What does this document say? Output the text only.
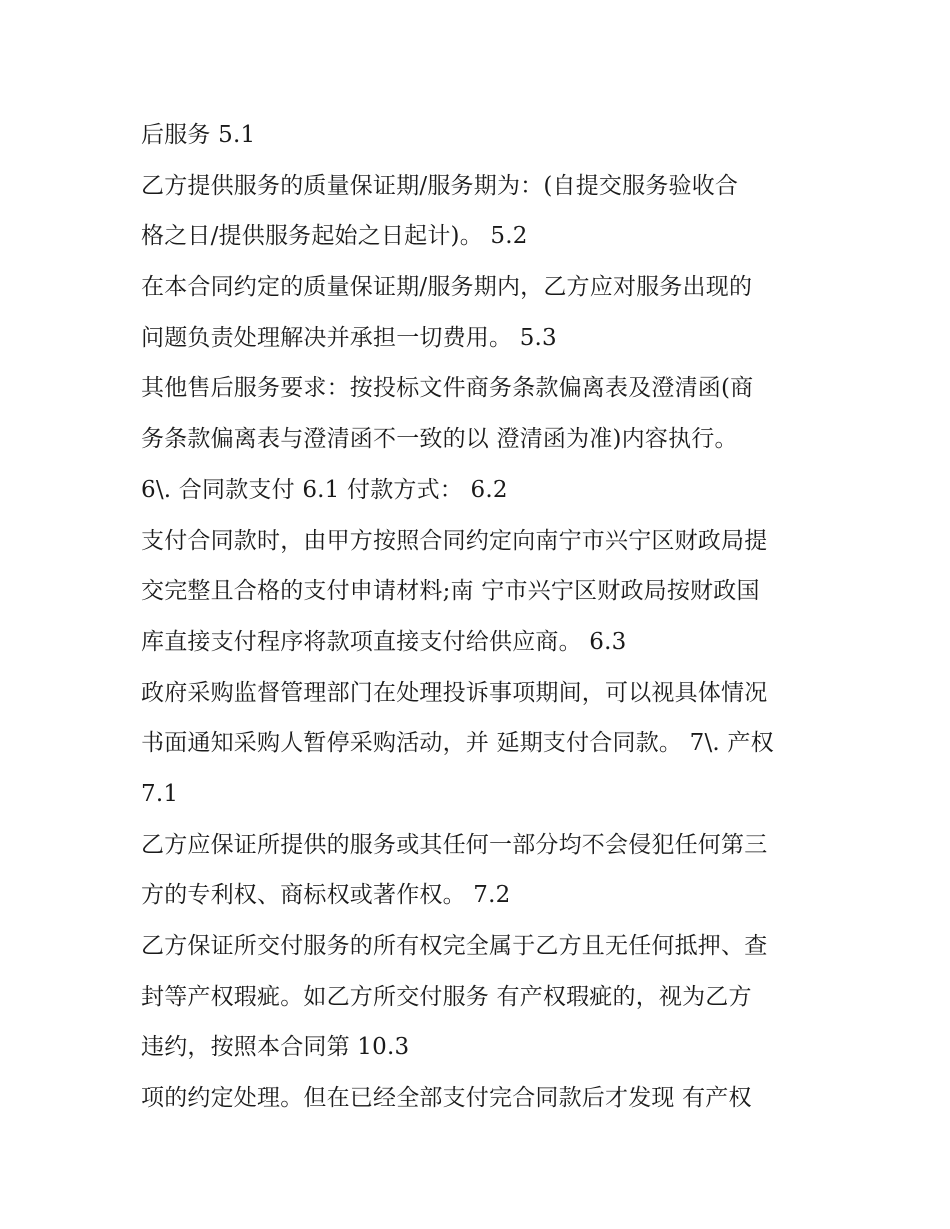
后服务 5.1
乙方提供服务的质量保证期/服务期为：(自提交服务验收合
格之日/提供服务起始之日起计)。 5.2
在本合同约定的质量保证期/服务期内，乙方应对服务出现的
问题负责处理解决并承担一切费用。 5.3
其他售后服务要求：按投标文件商务条款偏离表及澄清函(商
务条款偏离表与澄清函不一致的以 澄清函为准)内容执行。
6\. 合同款支付 6.1 付款方式： 6.2
支付合同款时，由甲方按照合同约定向南宁市兴宁区财政局提
交完整且合格的支付申请材料;南 宁市兴宁区财政局按财政国
库直接支付程序将款项直接支付给供应商。 6.3
政府采购监督管理部门在处理投诉事项期间，可以视具体情况
书面通知采购人暂停采购活动，并 延期支付合同款。 7\. 产权
7.1
乙方应保证所提供的服务或其任何一部分均不会侵犯任何第三
方的专利权、商标权或著作权。 7.2
乙方保证所交付服务的所有权完全属于乙方且无任何抵押、查
封等产权瑕疵。如乙方所交付服务 有产权瑕疵的，视为乙方
违约，按照本合同第 10.3
项的约定处理。但在已经全部支付完合同款后才发现 有产权
